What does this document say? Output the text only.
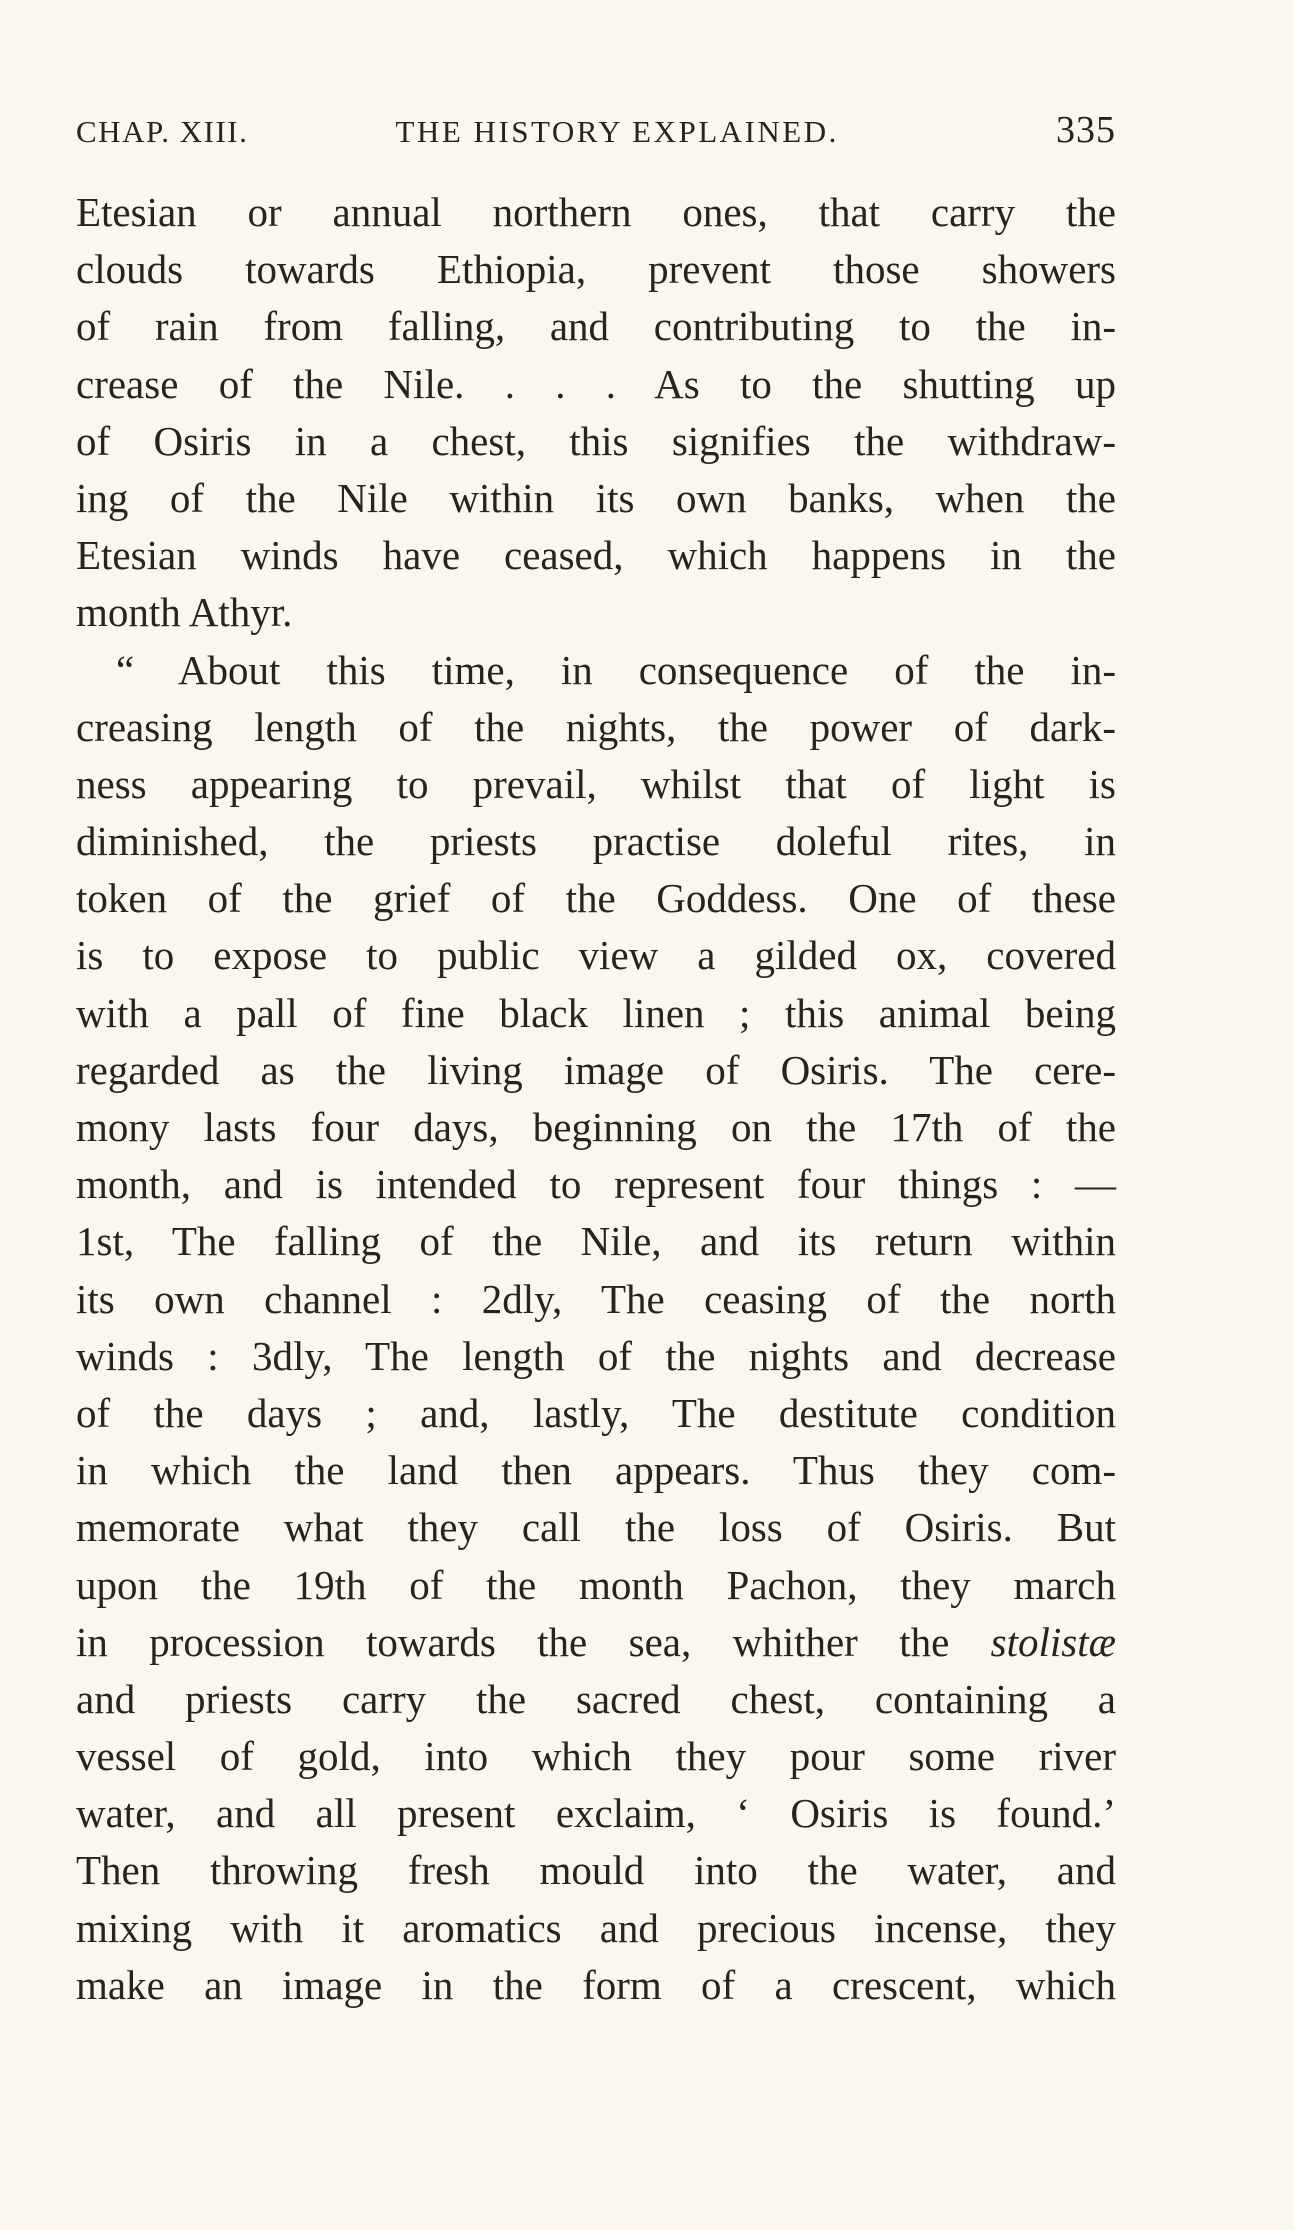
CHAP. XIII.	THE HISTORY EXPLAINED.	335
Etesian or annual northern ones, that carry the
clouds towards Ethiopia, prevent those showers
of rain from falling, and contributing to the in-
crease of the Nile. . . . As to the shutting up
of Osiris in a chest, this signifies the withdraw-
ing of the Nile within its own banks, when the
Etesian winds have ceased, which happens in the
month Athyr.
“ About this time, in consequence of the in-
creasing length of the nights, the power of dark-
ness appearing to prevail, whilst that of light is
diminished, the priests practise doleful rites, in
token of the grief of the Goddess. One of these
is to expose to public view a gilded ox, covered
with a pall of fine black linen ; this animal being
regarded as the living image of Osiris. The cere-
mony lasts four days, beginning on the 17th of the
month, and is intended to represent four things : —
1st, The falling of the Nile, and its return within
its own channel : 2dly, The ceasing of the north
winds : 3dly, The length of the nights and decrease
of the days ; and, lastly, The destitute condition
in which the land then appears. Thus they com-
memorate what they call the loss of Osiris. But
upon the 19th of the month Pachon, they march
in procession towards the sea, whither the stolistæ
and priests carry the sacred chest, containing a
vessel of gold, into which they pour some river
water, and all present exclaim, ‘ Osiris is found.’
Then throwing fresh mould into the water, and
mixing with it aromatics and precious incense, they
make an image in the form of a crescent, which
